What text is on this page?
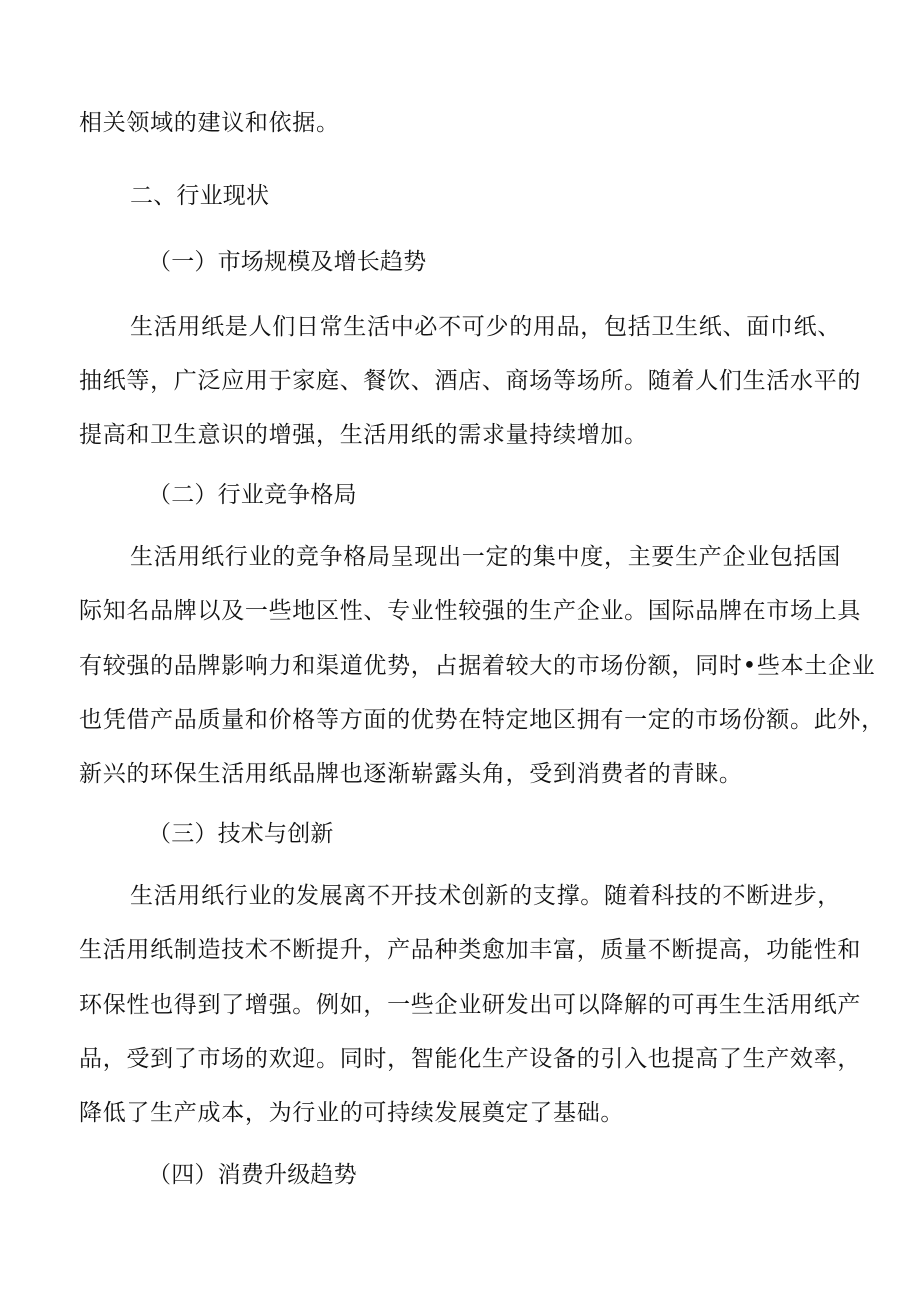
相关领域的建议和依据。
二、行业现状
（一）市场规模及增长趋势
生活用纸是人们日常生活中必不可少的用品，包括卫生纸、面巾纸、
抽纸等，广泛应用于家庭、餐饮、酒店、商场等场所。随着人们生活水平的
提高和卫生意识的增强，生活用纸的需求量持续增加。
（二）行业竞争格局
生活用纸行业的竞争格局呈现出一定的集中度，主要生产企业包括国
际知名品牌以及一些地区性、专业性较强的生产企业。国际品牌在市场上具
有较强的品牌影响力和渠道优势，占据着较大的市场份额，同时•些本土企业
也凭借产品质量和价格等方面的优势在特定地区拥有一定的市场份额。此外，
新兴的环保生活用纸品牌也逐渐崭露头角，受到消费者的青睐。
（三）技术与创新
生活用纸行业的发展离不开技术创新的支撑。随着科技的不断进步，
生活用纸制造技术不断提升，产品种类愈加丰富，质量不断提高，功能性和
环保性也得到了增强。例如，一些企业研发出可以降解的可再生生活用纸产
品，受到了市场的欢迎。同时，智能化生产设备的引入也提高了生产效率，
降低了生产成本，为行业的可持续发展奠定了基础。
（四）消费升级趋势
